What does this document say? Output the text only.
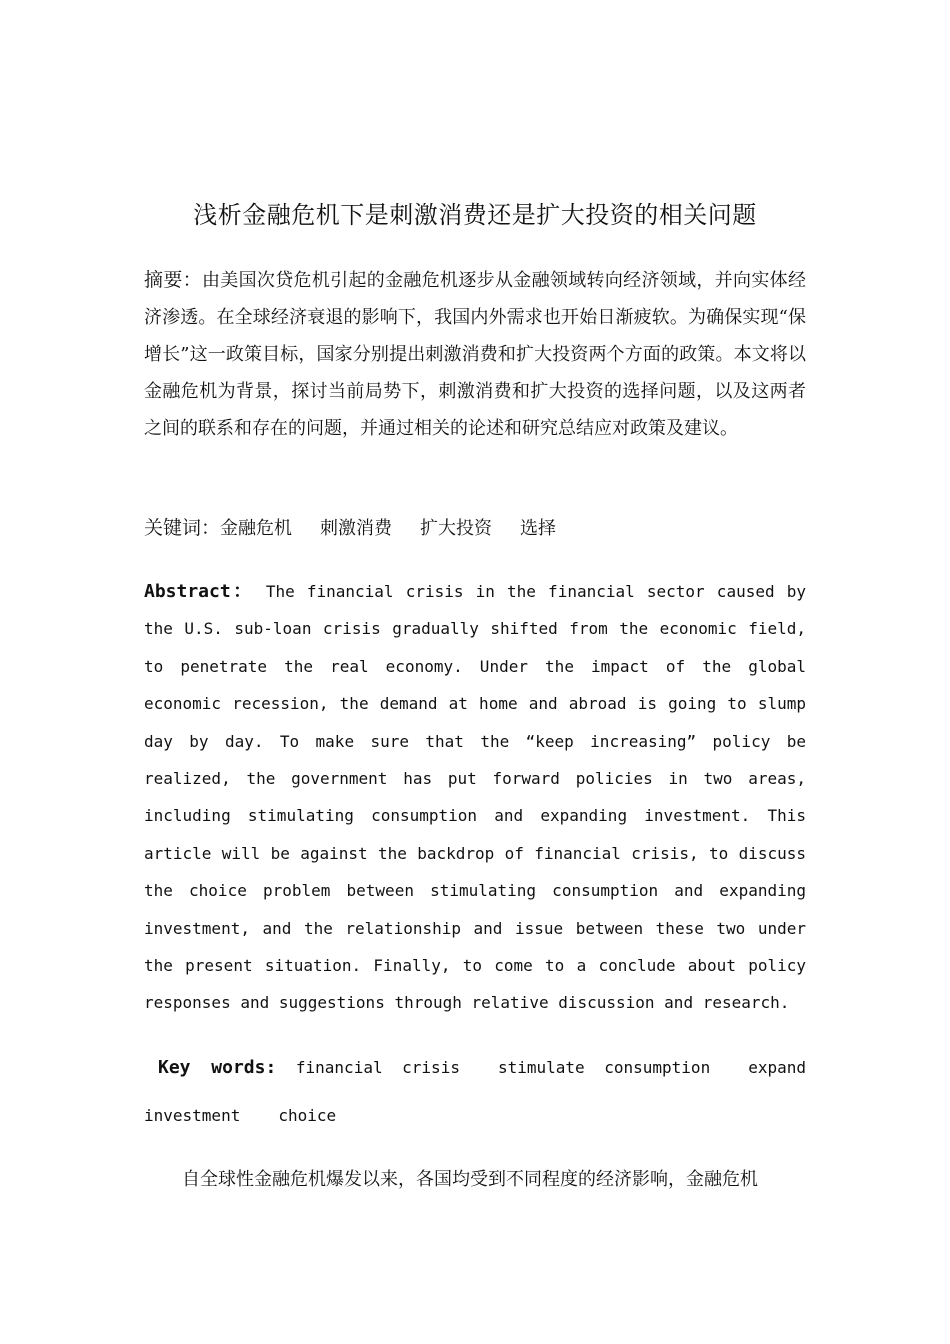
浅析金融危机下是刺激消费还是扩大投资的相关问题
摘要：由美国次贷危机引起的金融危机逐步从金融领域转向经济领域，并向实体经济渗透。在全球经济衰退的影响下，我国内外需求也开始日渐疲软。为确保实现“保增长”这一政策目标，国家分别提出刺激消费和扩大投资两个方面的政策。本文将以金融危机为背景，探讨当前局势下，刺激消费和扩大投资的选择问题，以及这两者之间的联系和存在的问题，并通过相关的论述和研究总结应对政策及建议。
关键词：金融危机 刺激消费 扩大投资 选择
Abstract： The financial crisis in the financial sector caused by the U.S. sub-loan crisis gradually shifted from the economic field, to penetrate the real economy. Under the impact of the global economic recession, the demand at home and abroad is going to slump day by day. To make sure that the “keep increasing” policy be realized, the government has put forward policies in two areas, including stimulating consumption and expanding investment. This article will be against the backdrop of financial crisis, to discuss the choice problem between stimulating consumption and expanding investment, and the relationship and issue between these two under the present situation. Finally, to come to a conclude about policy responses and suggestions through relative discussion and research.
Key words: financial crisis stimulate consumption expand investment choice
自全球性金融危机爆发以来，各国均受到不同程度的经济影响，金融危机
